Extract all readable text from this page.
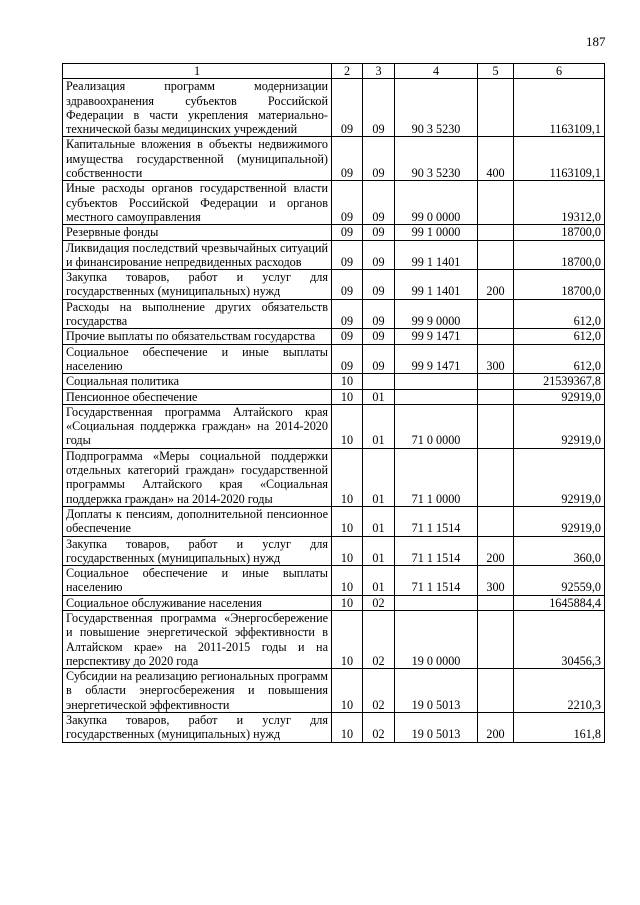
187
1	2	3	4	5	6
Реализация программ модернизации здравоохранения субъектов Российской Федерации в части укрепления материально-технической базы медицинских учреждений	09	09	90 3 5230		1163109,1
Капитальные вложения в объекты недвижимого имущества государственной (муниципальной) собственности	09	09	90 3 5230	400	1163109,1
Иные расходы органов государственной власти субъектов Российской Федерации и органов местного самоуправления	09	09	99 0 0000		19312,0
Резервные фонды	09	09	99 1 0000		18700,0
Ликвидация последствий чрезвычайных ситуаций и финансирование непредвиденных расходов	09	09	99 1 1401		18700,0
Закупка товаров, работ и услуг для государственных (муниципальных) нужд	09	09	99 1 1401	200	18700,0
Расходы на выполнение других обязательств государства	09	09	99 9 0000		612,0
Прочие выплаты по обязательствам государства	09	09	99 9 1471		612,0
Социальное обеспечение и иные выплаты населению	09	09	99 9 1471	300	612,0
Социальная политика	10				21539367,8
Пенсионное обеспечение	10	01			92919,0
Государственная программа Алтайского края «Социальная поддержка граждан» на 2014-2020 годы	10	01	71 0 0000		92919,0
Подпрограмма «Меры социальной поддержки отдельных категорий граждан» государственной программы Алтайского края «Социальная поддержка граждан» на 2014-2020 годы	10	01	71 1 0000		92919,0
Доплаты к пенсиям, дополнительной пенсионное обеспечение	10	01	71 1 1514		92919,0
Закупка товаров, работ и услуг для государственных (муниципальных) нужд	10	01	71 1 1514	200	360,0
Социальное обеспечение и иные выплаты населению	10	01	71 1 1514	300	92559,0
Социальное обслуживание населения	10	02			1645884,4
Государственная программа «Энергосбережение и повышение энергетической эффективности в Алтайском крае» на 2011-2015 годы и на перспективу до 2020 года	10	02	19 0 0000		30456,3
Субсидии на реализацию региональных программ в области энергосбережения и повышения энергетической эффективности	10	02	19 0 5013		2210,3
Закупка товаров, работ и услуг для государственных (муниципальных) нужд	10	02	19 0 5013	200	161,8
